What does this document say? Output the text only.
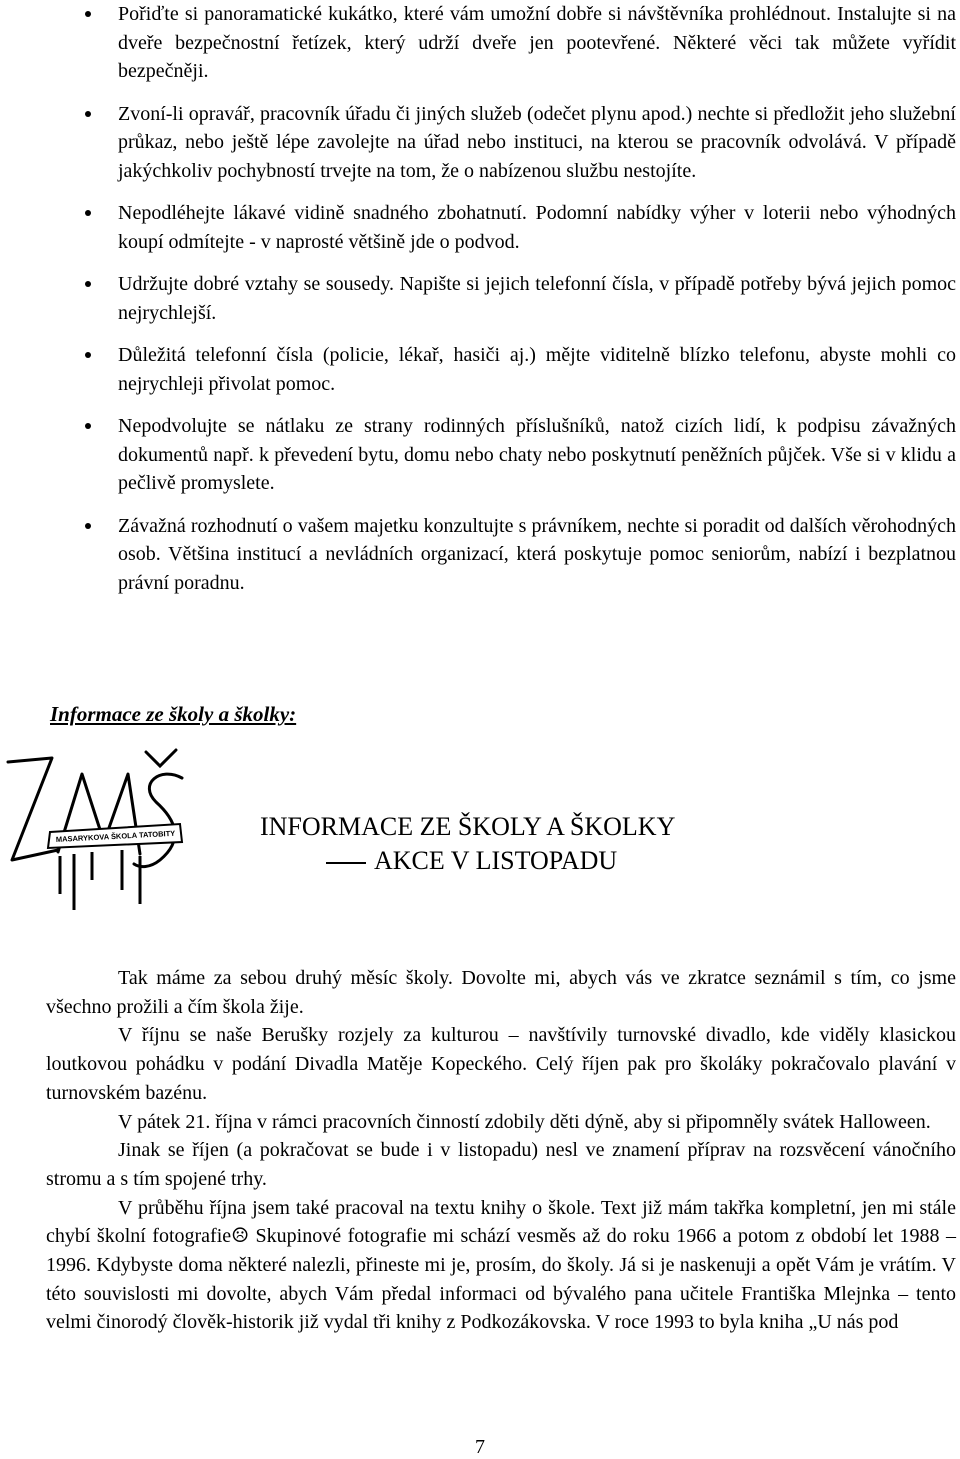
Pořiďte si panoramatické kukátko, které vám umožní dobře si návštěvníka prohlédnout. Instalujte si na dveře bezpečnostní řetízek, který udrží dveře jen pootevřené. Některé věci tak můžete vyřídit bezpečněji.
Zvoní-li opravář, pracovník úřadu či jiných služeb (odečet plynu apod.) nechte si předložit jeho služební průkaz, nebo ještě lépe zavolejte na úřad nebo instituci, na kterou se pracovník odvolává. V případě jakýchkoliv pochybností trvejte na tom, že o nabízenou službu nestojíte.
Nepodléhejte lákavé vidině snadného zbohatnutí. Podomní nabídky výher v loterii nebo výhodných koupí odmítejte - v naprosté většině jde o podvod.
Udržujte dobré vztahy se sousedy. Napište si jejich telefonní čísla, v případě potřeby bývá jejich pomoc nejrychlejší.
Důležitá telefonní čísla (policie, lékař, hasiči aj.) mějte viditelně blízko telefonu, abyste mohli co nejrychleji přivolat pomoc.
Nepodvolujte se nátlaku ze strany rodinných příslušníků, natož cizích lidí, k podpisu závažných dokumentů např. k převedení bytu, domu nebo chaty nebo poskytnutí peněžních půjček. Vše si v klidu a pečlivě promyslete.
Závažná rozhodnutí o vašem majetku konzultujte s právníkem, nechte si poradit od dalších věrohodných osob. Většina institucí a nevládních organizací, která poskytuje pomoc seniorům, nabízí i bezplatnou právní poradnu.
Informace ze školy a školky:
MASARYKOVA ŠKOLA TATOBITY	INFORMACE ZE ŠKOLY A ŠKOLKY
AKCE V LISTOPADU

Tak máme za sebou druhý měsíc školy. Dovolte mi, abych vás ve zkratce seznámil s tím, co jsme všechno prožili a čím škola žije.

V říjnu se naše Berušky rozjely za kulturou – navštívily turnovské divadlo, kde viděly klasickou loutkovou pohádku v podání Divadla Matěje Kopeckého. Celý říjen pak pro školáky pokračovalo plavání v turnovském bazénu.

V pátek 21. října v rámci pracovních činností zdobily děti dýně, aby si připomněly svátek Halloween.

Jinak se říjen (a pokračovat se bude i v listopadu) nesl ve znamení příprav na rozsvěcení vánočního stromu a s tím spojené trhy.

V průběhu října jsem také pracoval na textu knihy o škole. Text již mám takřka kompletní, jen mi stále chybí školní fotografie☹ Skupinové fotografie mi schází vesměs až do roku 1966 a potom z období let 1988 – 1996. Kdybyste doma některé nalezli, přineste mi je, prosím, do školy. Já si je naskenuji a opět Vám je vrátím. V této souvislosti mi dovolte, abych Vám předal informaci od bývalého pana učitele Františka Mlejnka – tento velmi činorodý člověk-historik již vydal tři knihy z Podkozákovska. V roce 1993 to byla kniha „U nás pod

7
